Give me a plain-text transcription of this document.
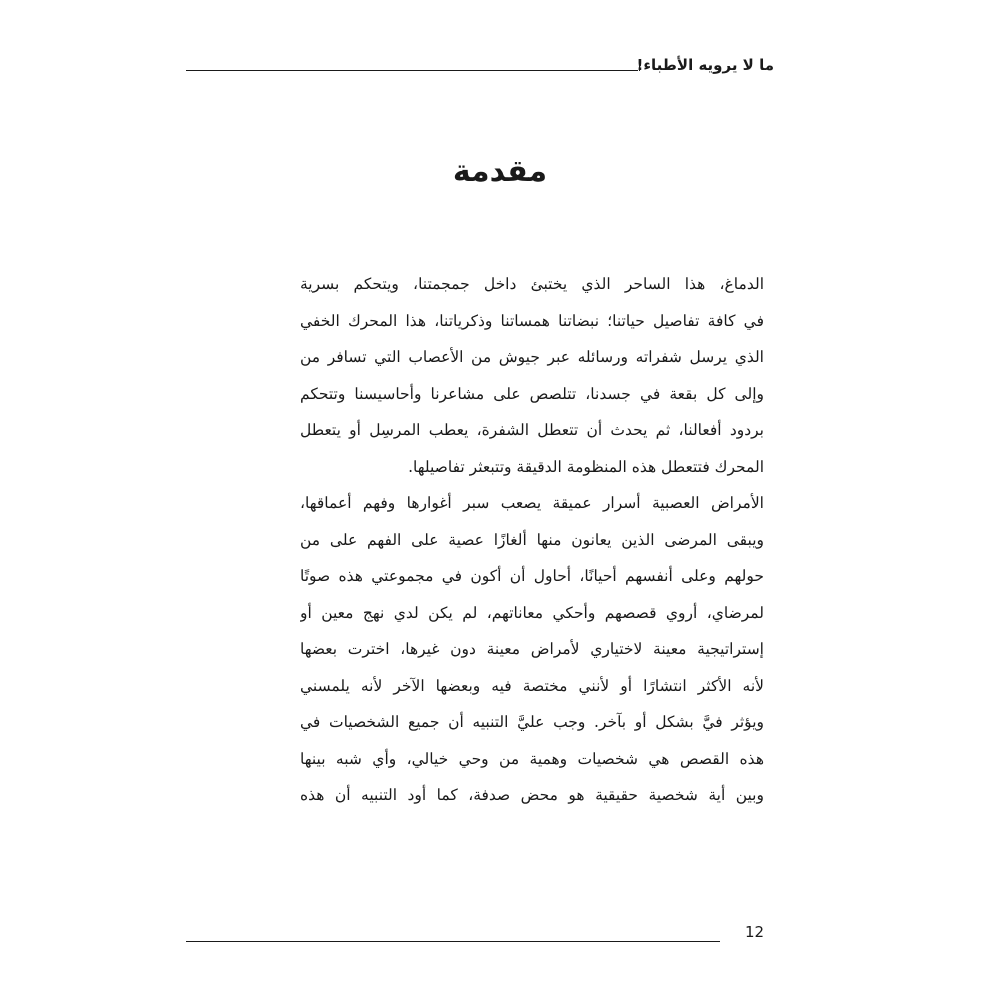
ما لا يرويه الأطباء!
مقدمة
الدماغ، هذا الساحر الذي يختبئ داخل جمجمتنا، ويتحكم بسرية
في كافة تفاصيل حياتنا؛ نبضاتنا همساتنا وذكرياتنا، هذا المحرك الخفي
الذي يرسل شفراته ورسائله عبر جيوش من الأعصاب التي تسافر من
وإلى كل بقعة في جسدنا، تتلصص على مشاعرنا وأحاسيسنا وتتحكم
بردود أفعالنا، ثم يحدث أن تتعطل الشفرة، يعطب المرسِل أو يتعطل
المحرك فتتعطل هذه المنظومة الدقيقة وتتبعثر تفاصيلها.
الأمراض العصبية أسرار عميقة يصعب سبر أغوارها وفهم أعماقها،
ويبقى المرضى الذين يعانون منها ألغازًا عصية على الفهم على من
حولهم وعلى أنفسهم أحيانًا، أحاول أن أكون في مجموعتي هذه صوتًا
لمرضاي، أروي قصصهم وأحكي معاناتهم، لم يكن لدي نهج معين أو
إستراتيجية معينة لاختياري لأمراض معينة دون غيرها، اخترت بعضها
لأنه الأكثر انتشارًا أو لأنني مختصة فيه وبعضها الآخر لأنه يلمسني
ويؤثر فيَّ بشكل أو بآخر. وجب عليَّ التنبيه أن جميع الشخصيات في
هذه القصص هي شخصيات وهمية من وحي خيالي، وأي شبه بينها
وبين أية شخصية حقيقية هو محض صدفة، كما أود التنبيه أن هذه
12
